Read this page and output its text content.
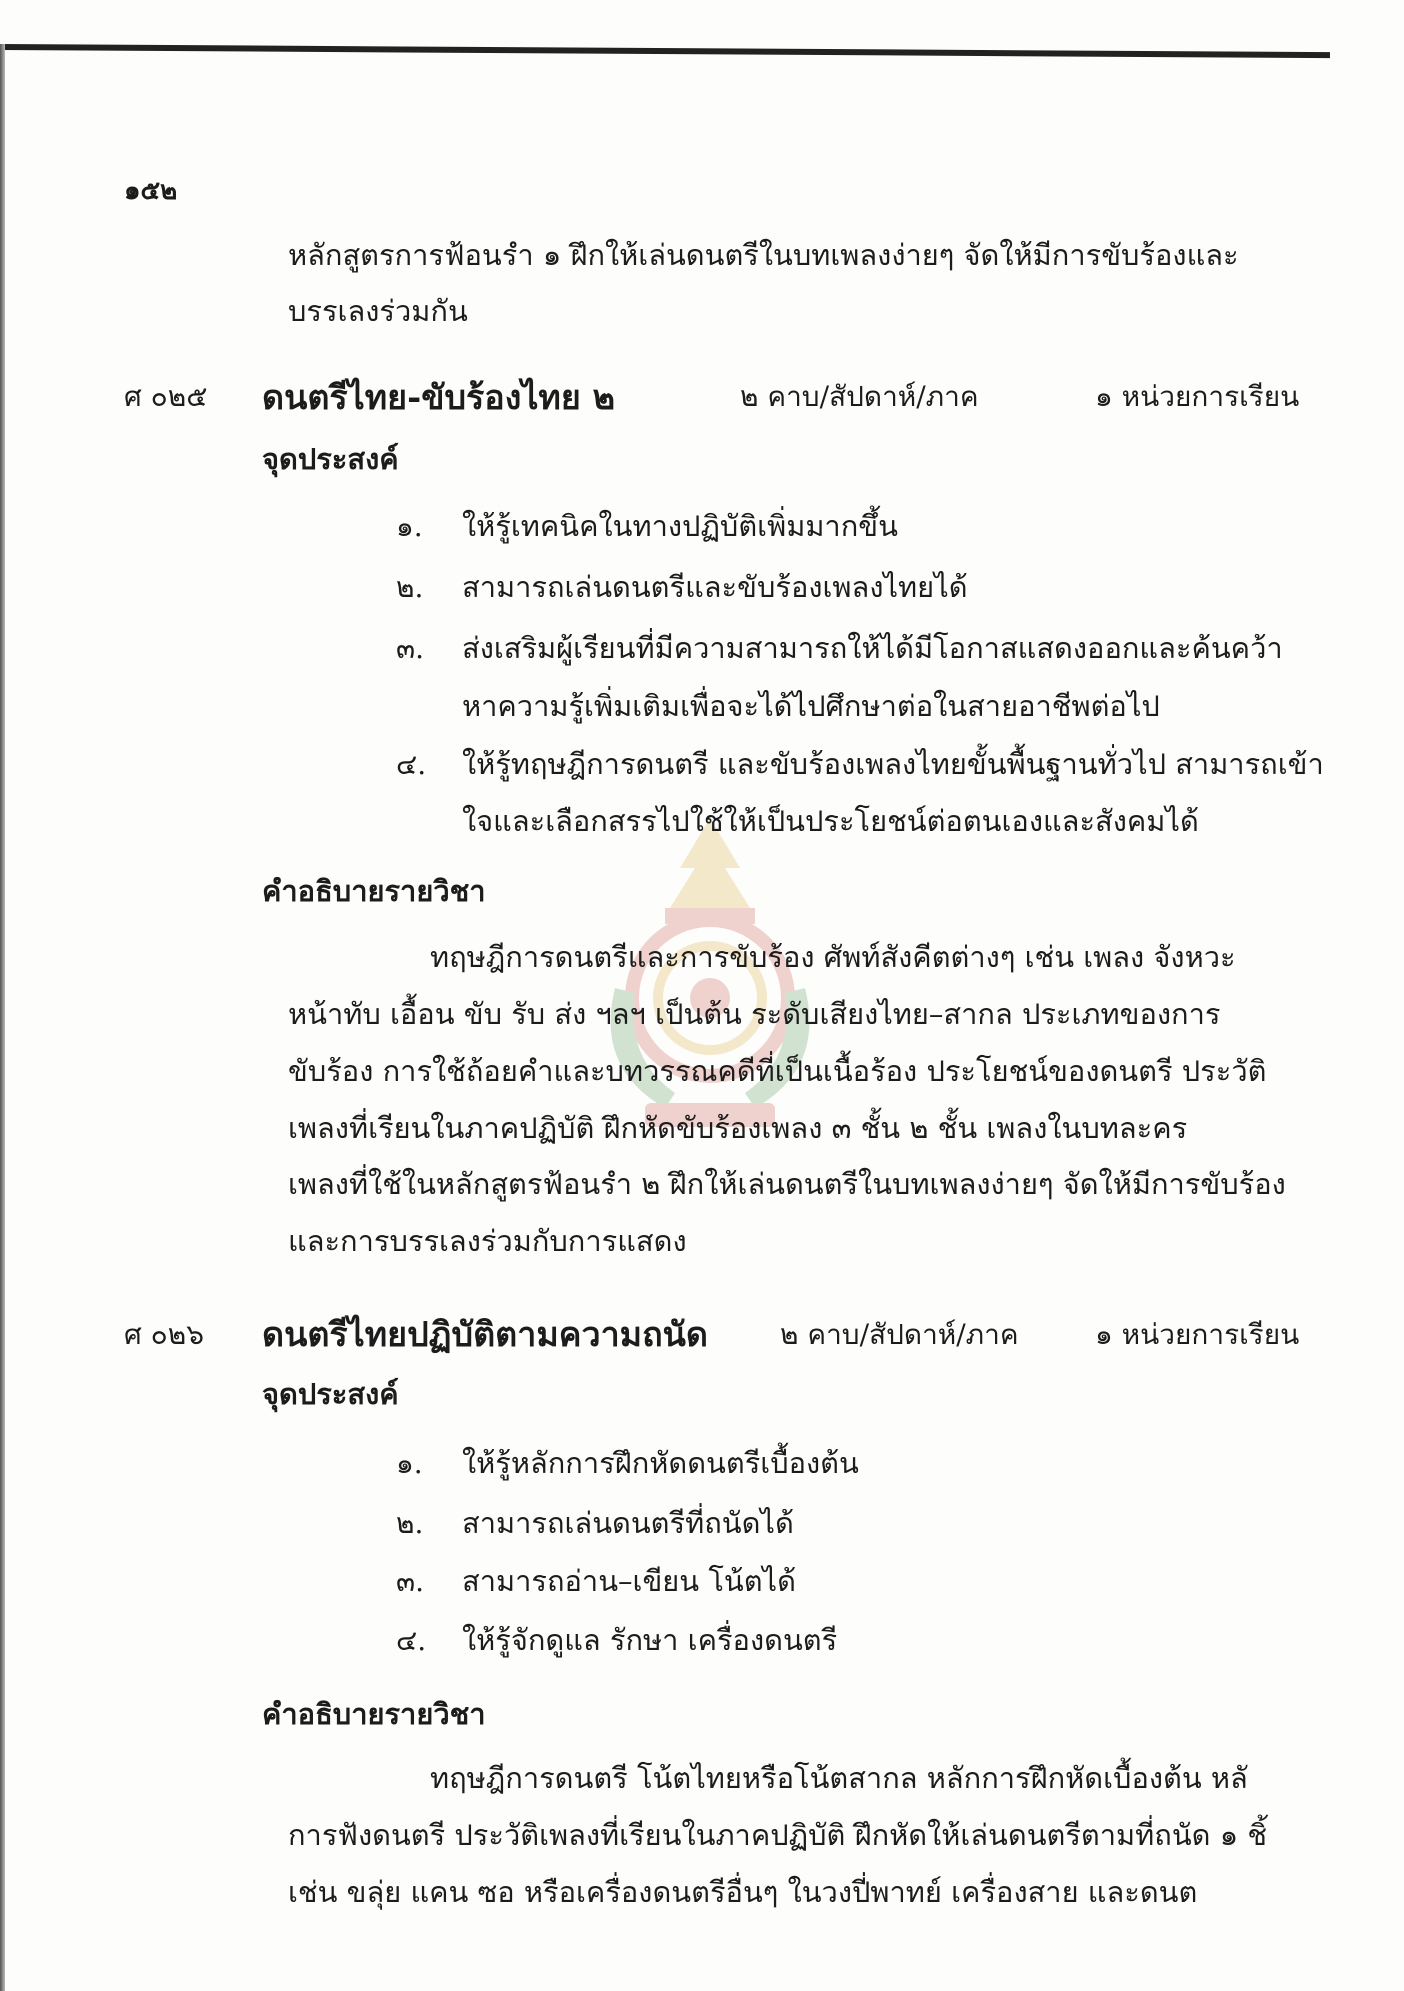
๑๕๒
หลักสูตรการฟ้อนรำ ๑ ฝึกให้เล่นดนตรีในบทเพลงง่ายๆ จัดให้มีการขับร้องและ
บรรเลงร่วมกัน
ศ ๐๒๕ ดนตรีไทย-ขับร้องไทย ๒	๒ คาบ/สัปดาห์/ภาค	๑ หน่วยการเรียน
จุดประสงค์
๑. ให้รู้เทคนิคในทางปฏิบัติเพิ่มมากขึ้น
๒. สามารถเล่นดนตรีและขับร้องเพลงไทยได้
๓. ส่งเสริมผู้เรียนที่มีความสามารถให้ได้มีโอกาสแสดงออกและค้นคว้า
หาความรู้เพิ่มเติมเพื่อจะได้ไปศึกษาต่อในสายอาชีพต่อไป
๔. ให้รู้ทฤษฎีการดนตรี และขับร้องเพลงไทยขั้นพื้นฐานทั่วไป สามารถเข้า
ใจและเลือกสรรไปใช้ให้เป็นประโยชน์ต่อตนเองและสังคมได้
คำอธิบายรายวิชา
ทฤษฎีการดนตรีและการขับร้อง ศัพท์สังคีตต่างๆ เช่น เพลง จังหวะ
หน้าทับ เอื้อน ขับ รับ ส่ง ฯลฯ เป็นต้น ระดับเสียงไทย–สากล ประเภทของการ
ขับร้อง การใช้ถ้อยคำและบทวรรณคดีที่เป็นเนื้อร้อง ประโยชน์ของดนตรี ประวัติ
เพลงที่เรียนในภาคปฏิบัติ ฝึกหัดขับร้องเพลง ๓ ชั้น ๒ ชั้น เพลงในบทละคร
เพลงที่ใช้ในหลักสูตรฟ้อนรำ ๒ ฝึกให้เล่นดนตรีในบทเพลงง่ายๆ จัดให้มีการขับร้อง
และการบรรเลงร่วมกับการแสดง
ศ ๐๒๖ ดนตรีไทยปฏิบัติตามความถนัด	๒ คาบ/สัปดาห์/ภาค	๑ หน่วยการเรียน
จุดประสงค์
๑. ให้รู้หลักการฝึกหัดดนตรีเบื้องต้น
๒. สามารถเล่นดนตรีที่ถนัดได้
๓. สามารถอ่าน–เขียน โน้ตได้
๔. ให้รู้จักดูแล รักษา เครื่องดนตรี
คำอธิบายรายวิชา
ทฤษฎีการดนตรี โน้ตไทยหรือโน้ตสากล หลักการฝึกหัดเบื้องต้น หลั
การฟังดนตรี ประวัติเพลงที่เรียนในภาคปฏิบัติ ฝึกหัดให้เล่นดนตรีตามที่ถนัด ๑ ชิ้
เช่น ขลุ่ย แคน ซอ หรือเครื่องดนตรีอื่นๆ ในวงปี่พาทย์ เครื่องสาย และดนต
